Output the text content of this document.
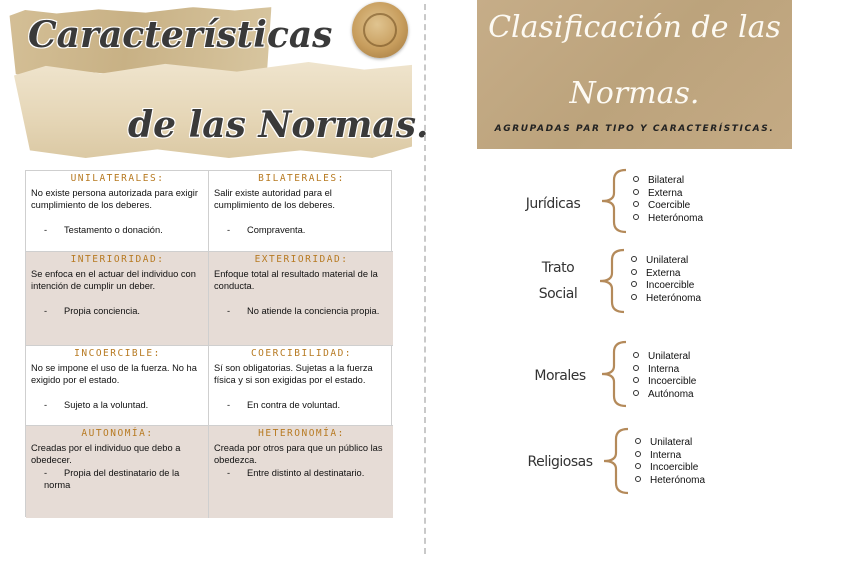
Características
de las Normas.
UNILATERALES:
No existe persona autorizada para exigir cumplimiento de los deberes.
- Testamento o donación.
BILATERALES:
Salir existe autoridad para el cumplimiento de los deberes.
- Compraventa.
INTERIORIDAD:
Se enfoca en el actuar del individuo con intención de cumplir un deber.
- Propia conciencia.
EXTERIORIDAD:
Enfoque total al resultado material de la conducta.
- No atiende la conciencia propia.
INCOERCIBLE:
No se impone el uso de la fuerza. No ha exigido por el estado.
- Sujeto a la voluntad.
COERCIBILIDAD:
Sí son obligatorias. Sujetas a la fuerza física y si son exigidas por el estado.
- En contra de voluntad.
AUTONOMÍA:
Creadas por el individuo que debo a obedecer.
- Propia del destinatario de la norma
HETERONOMÍA:
Creada por otros para que un público las obedezca.
- Entre distinto al destinatario.
Clasificación de las
Normas.
AGRUPADAS PAR TIPO Y CARACTERÍSTICAS.
Jurídicas
Bilateral
Externa
Coercible
Heterónoma
Trato
Social
Unilateral
Externa
Incoercible
Heterónoma
Morales
Unilateral
Interna
Incoercible
Autónoma
Religiosas
Unilateral
Interna
Incoercible
Heterónoma
